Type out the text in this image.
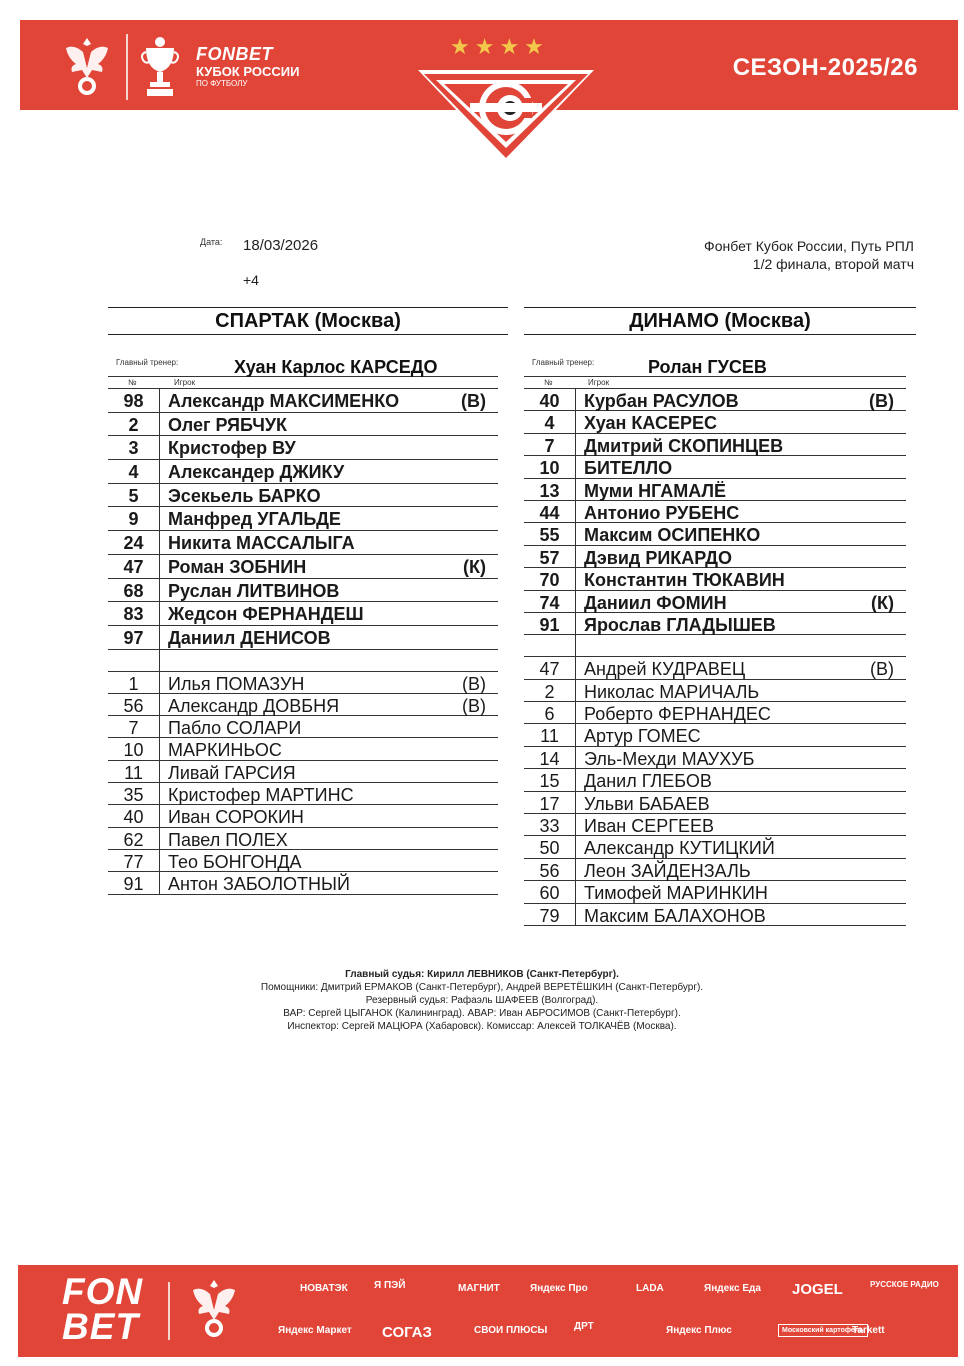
FONBET
КУБОК РОССИИ
ПО ФУТБОЛУ
★★★★
СЕЗОН-2025/26
Дата: 18/03/2026
+4
Фонбет Кубок России, Путь РПЛ
1/2 финала, второй матч
СПАРТАК (Москва)
Главный тренер:	Хуан Карлос КАРСЕДО
№	Игрок
98	Александр МАКСИМЕНКО	(В)
2	Олег РЯБЧУК
3	Кристофер ВУ
4	Александер ДЖИКУ
5	Эсекьель БАРКО
9	Манфред УГАЛЬДЕ
24	Никита МАССАЛЫГА
47	Роман ЗОБНИН	(К)
68	Руслан ЛИТВИНОВ
83	Жедсон ФЕРНАНДЕШ
97	Даниил ДЕНИСОВ
1	Илья ПОМАЗУН	(В)
56	Александр ДОВБНЯ	(В)
7	Пабло СОЛАРИ
10	МАРКИНЬОС
11	Ливай ГАРСИЯ
35	Кристофер МАРТИНС
40	Иван СОРОКИН
62	Павел ПОЛЕХ
77	Тео БОНГОНДА
91	Антон ЗАБОЛОТНЫЙ
ДИНАМО (Москва)
Главный тренер:	Ролан ГУСЕВ
№	Игрок
40	Курбан РАСУЛОВ	(В)
4	Хуан КАСЕРЕС
7	Дмитрий СКОПИНЦЕВ
10	БИТЕЛЛО
13	Муми НГАМАЛЁ
44	Антонио РУБЕНС
55	Максим ОСИПЕНКО
57	Дэвид РИКАРДО
70	Константин ТЮКАВИН
74	Даниил ФОМИН	(К)
91	Ярослав ГЛАДЫШЕВ
47	Андрей КУДРАВЕЦ	(В)
2	Николас МАРИЧАЛЬ
6	Роберто ФЕРНАНДЕС
11	Артур ГОМЕС
14	Эль-Мехди МАУХУБ
15	Данил ГЛЕБОВ
17	Ульви БАБАЕВ
33	Иван СЕРГЕЕВ
50	Александр КУТИЦКИЙ
56	Леон ЗАЙДЕНЗАЛЬ
60	Тимофей МАРИНКИН
79	Максим БАЛАХОНОВ
Главный судья: Кирилл ЛЕВНИКОВ (Санкт-Петербург).
Помощники: Дмитрий ЕРМАКОВ (Санкт-Петербург), Андрей ВЕРЕТЁШКИН (Санкт-Петербург).
Резервный судья: Рафаэль ШАФЕЕВ (Волгоград).
ВАР: Сергей ЦЫГАНОК (Калининград). АВАР: Иван АБРОСИМОВ (Санкт-Петербург).
Инспектор: Сергей МАЦЮРА (Хабаровск). Комиссар: Алексей ТОЛКАЧЁВ (Москва).
FON
BET
НОВАТЭК	Я ПЭЙ	МАГНИТ	Яндекс Про	LADA	Яндекс Еда JOGEL	РУССКОЕ РАДИО
Яндекс Маркет СОГАЗ	СВОИ ПЛЮСЫ	ДРТ	Яндекс Плюс	Московский картофель
Tarkett
